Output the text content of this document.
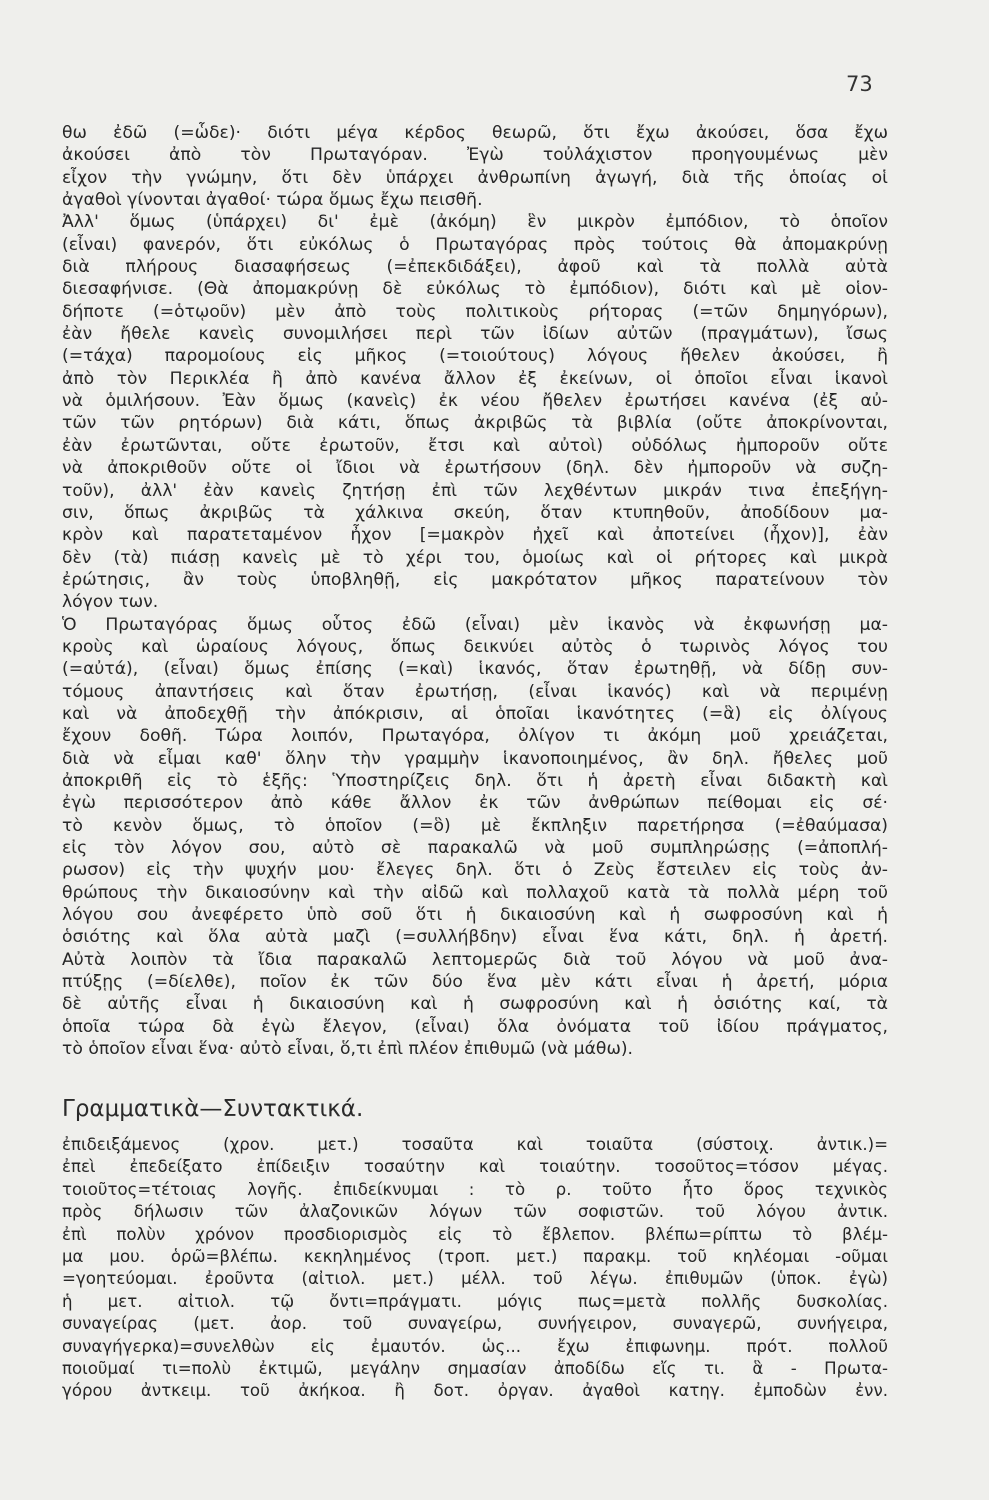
73
θω ἐδῶ (=ὧδε)· διότι μέγα κέρδος θεωρῶ, ὅτι ἔχω ἀκούσει, ὅσα ἔχω
ἀκούσει ἀπὸ τὸν Πρωταγόραν. Ἐγὼ τοὐλάχιστον προηγουμένως μὲν
εἶχον τὴν γνώμην, ὅτι δὲν ὑπάρχει ἀνθρωπίνη ἀγωγή, διὰ τῆς ὁποίας οἱ
ἀγαθοὶ γίνονται ἀγαθοί· τώρα ὅμως ἔχω πεισθῆ.
Ἀλλ' ὅμως (ὑπάρχει) δι' ἐμὲ (ἀκόμη) ἓν μικρὸν ἐμπόδιον, τὸ ὁποῖον
(εἶναι) φανερόν, ὅτι εὐκόλως ὁ Πρωταγόρας πρὸς τούτοις θὰ ἀπομακρύνῃ
διὰ πλήρους διασαφήσεως (=ἐπεκδιδάξει), ἀφοῦ καὶ τὰ πολλὰ αὐτὰ
διεσαφήνισε. (Θὰ ἀπομακρύνῃ δὲ εὐκόλως τὸ ἐμπόδιον), διότι καὶ μὲ οἱον-
δήποτε (=ὁτῳοῦν) μὲν ἀπὸ τοὺς πολιτικοὺς ρήτορας (=τῶν δημηγόρων),
ἐὰν ἤθελε κανεὶς συνομιλήσει περὶ τῶν ἰδίων αὐτῶν (πραγμάτων), ἴσως
(=τάχα) παρομοίους εἰς μῆκος (=τοιούτους) λόγους ἤθελεν ἀκούσει, ἢ
ἀπὸ τὸν Περικλέα ἢ ἀπὸ κανένα ἄλλον ἐξ ἐκείνων, οἱ ὁποῖοι εἶναι ἱκανοὶ
νὰ ὁμιλήσουν. Ἐὰν ὅμως (κανεὶς) ἐκ νέου ἤθελεν ἐρωτήσει κανένα (ἐξ αὐ-
τῶν τῶν ρητόρων) διὰ κάτι, ὅπως ἀκριβῶς τὰ βιβλία (οὔτε ἀποκρίνονται,
ἐὰν ἐρωτῶνται, οὔτε ἐρωτοῦν, ἔτσι καὶ αὐτοὶ) οὐδόλως ἠμποροῦν οὔτε
νὰ ἀποκριθοῦν οὔτε οἱ ἴδιοι νὰ ἐρωτήσουν (δηλ. δὲν ἠμποροῦν νὰ συζη-
τοῦν), ἀλλ' ἐὰν κανεὶς ζητήσῃ ἐπὶ τῶν λεχθέντων μικράν τινα ἐπεξήγη-
σιν, ὅπως ἀκριβῶς τὰ χάλκινα σκεύη, ὅταν κτυπηθοῦν, ἀποδίδουν μα-
κρὸν καὶ παρατεταμένον ἦχον [=μακρὸν ἠχεῖ καὶ ἀποτείνει (ἦχον)], ἐὰν
δὲν (τὰ) πιάσῃ κανεὶς μὲ τὸ χέρι του, ὁμοίως καὶ οἱ ρήτορες καὶ μικρὰ
ἐρώτησις, ἂν τοὺς ὑποβληθῇ, εἰς μακρότατον μῆκος παρατείνουν τὸν
λόγον των.
Ὁ Πρωταγόρας ὅμως οὗτος ἐδῶ (εἶναι) μὲν ἱκανὸς νὰ ἐκφωνήσῃ μα-
κροὺς καὶ ὡραίους λόγους, ὅπως δεικνύει αὐτὸς ὁ τωρινὸς λόγος του
(=αὐτά), (εἶναι) ὅμως ἐπίσης (=καὶ) ἱκανός, ὅταν ἐρωτηθῇ, νὰ δίδῃ συν-
τόμους ἀπαντήσεις καὶ ὅταν ἐρωτήσῃ, (εἶναι ἱκανός) καὶ νὰ περιμένῃ
καὶ νὰ ἀποδεχθῇ τὴν ἀπόκρισιν, αἱ ὁποῖαι ἱκανότητες (=ἃ) εἰς ὀλίγους
ἔχουν δοθῆ. Τώρα λοιπόν, Πρωταγόρα, ὀλίγον τι ἀκόμη μοῦ χρειάζεται,
διὰ νὰ εἶμαι καθ' ὅλην τὴν γραμμὴν ἱκανοποιημένος, ἂν δηλ. ἤθελες μοῦ
ἀποκριθῆ εἰς τὸ ἑξῆς: Ὑποστηρίζεις δηλ. ὅτι ἡ ἀρετὴ εἶναι διδακτὴ καὶ
ἐγὼ περισσότερον ἀπὸ κάθε ἄλλον ἐκ τῶν ἀνθρώπων πείθομαι εἰς σέ·
τὸ κενὸν ὅμως, τὸ ὁποῖον (=ὃ) μὲ ἔκπληξιν παρετήρησα (=ἐθαύμασα)
εἰς τὸν λόγον σου, αὐτὸ σὲ παρακαλῶ νὰ μοῦ συμπληρώσῃς (=ἀποπλή-
ρωσον) εἰς τὴν ψυχήν μου· ἔλεγες δηλ. ὅτι ὁ Ζεὺς ἔστειλεν εἰς τοὺς ἀν-
θρώπους τὴν δικαιοσύνην καὶ τὴν αἰδῶ καὶ πολλαχοῦ κατὰ τὰ πολλὰ μέρη τοῦ
λόγου σου ἀνεφέρετο ὑπὸ σοῦ ὅτι ἡ δικαιοσύνη καὶ ἡ σωφροσύνη καὶ ἡ
ὁσιότης καὶ ὅλα αὐτὰ μαζὶ (=συλλήβδην) εἶναι ἕνα κάτι, δηλ. ἡ ἀρετή.
Αὐτὰ λοιπὸν τὰ ἴδια παρακαλῶ λεπτομερῶς διὰ τοῦ λόγου νὰ μοῦ ἀνα-
πτύξῃς (=δίελθε), ποῖον ἐκ τῶν δύο ἕνα μὲν κάτι εἶναι ἡ ἀρετή, μόρια
δὲ αὐτῆς εἶναι ἡ δικαιοσύνη καὶ ἡ σωφροσύνη καὶ ἡ ὁσιότης καί, τὰ
ὁποῖα τώρα δὰ ἐγὼ ἔλεγον, (εἶναι) ὅλα ὀνόματα τοῦ ἰδίου πράγματος,
τὸ ὁποῖον εἶναι ἕνα· αὐτὸ εἶναι, ὅ,τι ἐπὶ πλέον ἐπιθυμῶ (νὰ μάθω).
Γραμματικὰ—Συντακτικά.
ἐπιδειξάμενος (χρον. μετ.) τοσαῦτα καὶ τοιαῦτα (σύστοιχ. ἀντικ.)=
ἐπεὶ ἐπεδείξατο ἐπίδειξιν τοσαύτην καὶ τοιαύτην. τοσοῦτος=τόσον μέγας.
τοιοῦτος=τέτοιας λογῆς. ἐπιδείκνυμαι : τὸ ρ. τοῦτο ἦτο ὅρος τεχνικὸς
πρὸς δήλωσιν τῶν ἀλαζονικῶν λόγων τῶν σοφιστῶν. τοῦ λόγου ἀντικ.
ἐπὶ πολὺν χρόνον προσδιορισμὸς εἰς τὸ ἔβλεπον. βλέπω=ρίπτω τὸ βλέμ-
μα μου. ὁρῶ=βλέπω. κεκηλημένος (τροπ. μετ.) παρακμ. τοῦ κηλέομαι -οῦμαι
=γοητεύομαι. ἐροῦντα (αἰτιολ. μετ.) μέλλ. τοῦ λέγω. ἐπιθυμῶν (ὑποκ. ἐγὼ)
ἡ μετ. αἰτιολ. τῷ ὄντι=πράγματι. μόγις πως=μετὰ πολλῆς δυσκολίας.
συναγείρας (μετ. ἀορ. τοῦ συναγείρω, συνήγειρον, συναγερῶ, συνήγειρα,
συναγήγερκα)=συνελθὼν εἰς ἐμαυτόν. ὡς... ἔχω ἐπιφωνημ. πρότ. πολλοῦ
ποιοῦμαί τι=πολὺ ἐκτιμῶ, μεγάλην σημασίαν ἀποδίδω εἴς τι. ἃ - Πρωτα-
γόρου ἀντκειμ. τοῦ ἀκήκοα. ἢ δοτ. ὀργαν. ἀγαθοὶ κατηγ. ἐμποδὼν ἐνν.
